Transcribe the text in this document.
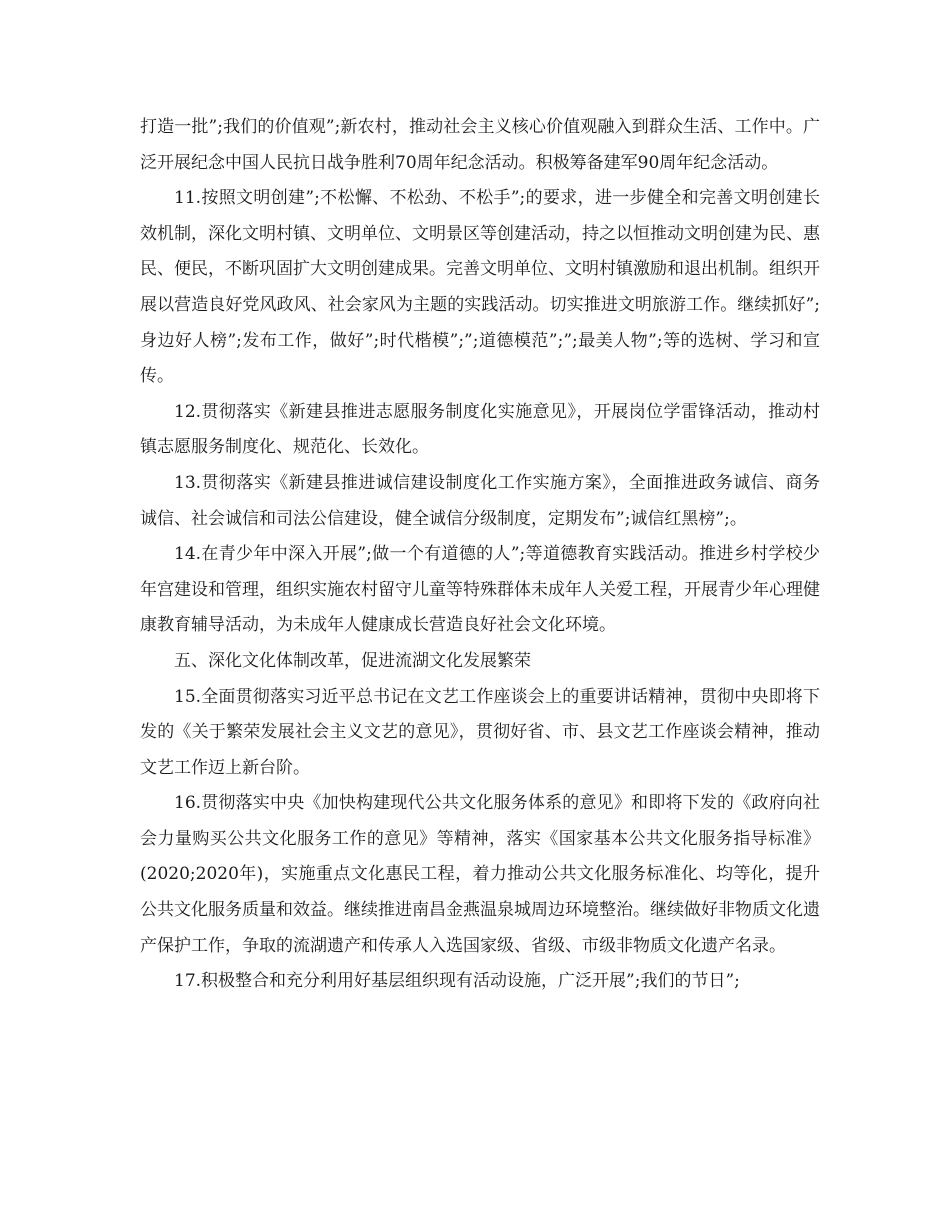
打造一批”;我们的价值观”;新农村，推动社会主义核心价值观融入到群众生活、工作中。广泛开展纪念中国人民抗日战争胜利70周年纪念活动。积极筹备建军90周年纪念活动。

11.按照文明创建”;不松懈、不松劲、不松手”;的要求，进一步健全和完善文明创建长效机制，深化文明村镇、文明单位、文明景区等创建活动，持之以恒推动文明创建为民、惠民、便民，不断巩固扩大文明创建成果。完善文明单位、文明村镇激励和退出机制。组织开展以营造良好党风政风、社会家风为主题的实践活动。切实推进文明旅游工作。继续抓好”;身边好人榜”;发布工作，做好”;时代楷模”;”;道德模范”;”;最美人物”;等的选树、学习和宣传。

12.贯彻落实《新建县推进志愿服务制度化实施意见》，开展岗位学雷锋活动，推动村镇志愿服务制度化、规范化、长效化。

13.贯彻落实《新建县推进诚信建设制度化工作实施方案》，全面推进政务诚信、商务诚信、社会诚信和司法公信建设，健全诚信分级制度，定期发布”;诚信红黑榜”;。

14.在青少年中深入开展”;做一个有道德的人”;等道德教育实践活动。推进乡村学校少年宫建设和管理，组织实施农村留守儿童等特殊群体未成年人关爱工程，开展青少年心理健康教育辅导活动，为未成年人健康成长营造良好社会文化环境。

五、深化文化体制改革，促进流湖文化发展繁荣

15.全面贯彻落实习近平总书记在文艺工作座谈会上的重要讲话精神，贯彻中央即将下发的《关于繁荣发展社会主义文艺的意见》，贯彻好省、市、县文艺工作座谈会精神，推动文艺工作迈上新台阶。

16.贯彻落实中央《加快构建现代公共文化服务体系的意见》和即将下发的《政府向社会力量购买公共文化服务工作的意见》等精神，落实《国家基本公共文化服务指导标准》(2020;2020年)，实施重点文化惠民工程，着力推动公共文化服务标准化、均等化，提升公共文化服务质量和效益。继续推进南昌金燕温泉城周边环境整治。继续做好非物质文化遗产保护工作，争取的流湖遗产和传承人入选国家级、省级、市级非物质文化遗产名录。

17.积极整合和充分利用好基层组织现有活动设施，广泛开展”;我们的节日”;
